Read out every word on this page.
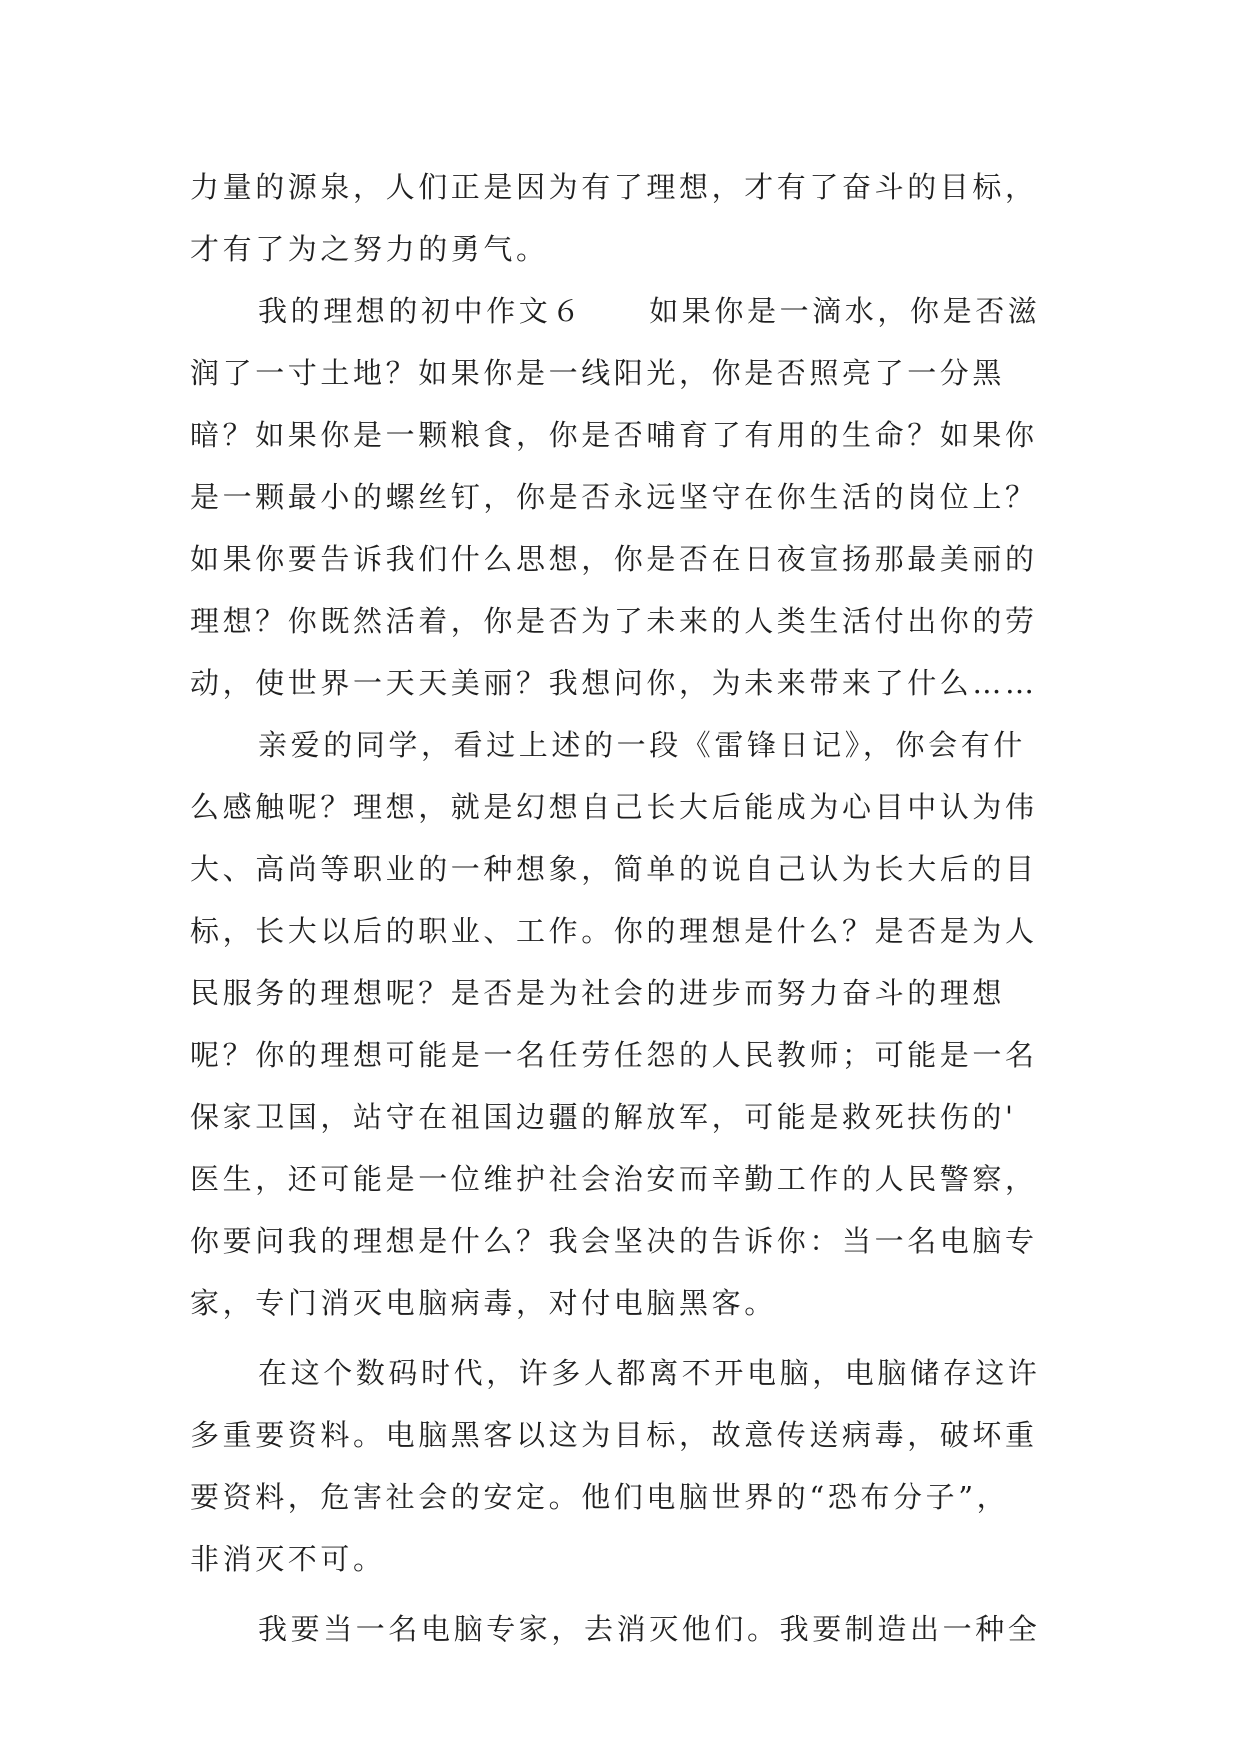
力量的源泉，人们正是因为有了理想，才有了奋斗的目标，
才有了为之努力的勇气。
我的理想的初中作文６　　如果你是一滴水，你是否滋
润了一寸土地？如果你是一线阳光，你是否照亮了一分黑
暗？如果你是一颗粮食，你是否哺育了有用的生命？如果你
是一颗最小的螺丝钉，你是否永远坚守在你生活的岗位上？
如果你要告诉我们什么思想，你是否在日夜宣扬那最美丽的
理想？你既然活着，你是否为了未来的人类生活付出你的劳
动，使世界一天天美丽？我想问你，为未来带来了什么……
亲爱的同学，看过上述的一段《雷锋日记》，你会有什
么感触呢？理想，就是幻想自己长大后能成为心目中认为伟
大、高尚等职业的一种想象，简单的说自己认为长大后的目
标，长大以后的职业、工作。你的理想是什么？是否是为人
民服务的理想呢？是否是为社会的进步而努力奋斗的理想
呢？你的理想可能是一名任劳任怨的人民教师；可能是一名
保家卫国，站守在祖国边疆的解放军，可能是救死扶伤的'
医生，还可能是一位维护社会治安而辛勤工作的人民警察，
你要问我的理想是什么？我会坚决的告诉你：当一名电脑专
家，专门消灭电脑病毒，对付电脑黑客。
在这个数码时代，许多人都离不开电脑，电脑储存这许
多重要资料。电脑黑客以这为目标，故意传送病毒，破坏重
要资料，危害社会的安定。他们电脑世界的“恐布分子”，
非消灭不可。
我要当一名电脑专家，去消灭他们。我要制造出一种全
